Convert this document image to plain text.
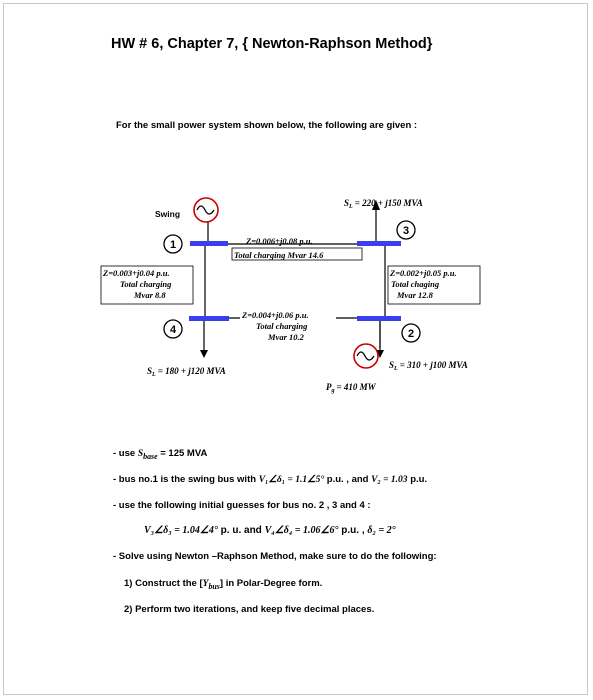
HW # 6, Chapter 7, { Newton-Raphson Method}
For the small power system shown below, the following are given :
1
3
4	2
Swing
$S_L = 220 + j150$ MVA
Z=0.006+j0.08 p.u.
Total charging Mvar 14.6
Z=0.003+j0.04 p.u.
Total charging
Mvar 8.8
Z=0.002+j0.05 p.u.
Total chaging
Mvar 12.8
Z=0.004+j0.06 p.u.
Total charging
Mvar 10.2
$S_L = 180 + j120$ MVA
$S_L = 310 + j100$ MVA
$P_g = 410$ MW
- use $S_{base} = 125$ MVA
- bus no.1 is the swing bus with V₁∠δ₁ = 1.1∠5° p.u. , and V₂ = 1.03 p.u.
- use the following initial guesses for bus no. 2 , 3 and 4 :
V₃∠δ₃ = 1.04∠4° p. u. and V₄∠δ₄ = 1.06∠6° p.u. , δ₂ = 2°
- Solve using Newton –Raphson Method, make sure to do the following:
1) Construct the $[Y_{bus}]$ in Polar-Degree form.
2) Perform two iterations, and keep five decimal places.
